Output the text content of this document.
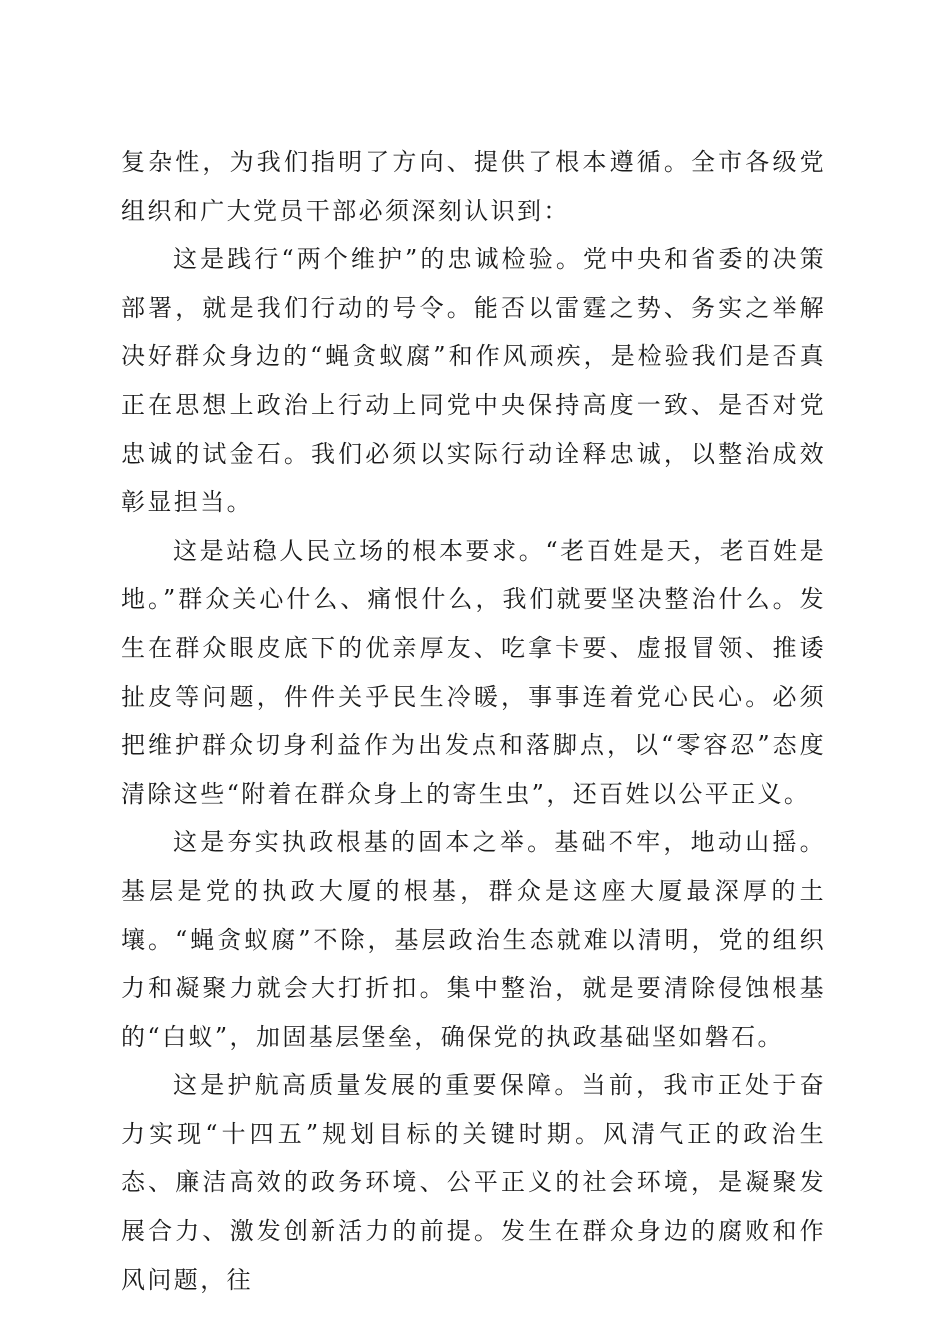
复杂性，为我们指明了方向、提供了根本遵循。全市各级党组织和广大党员干部必须深刻认识到：

这是践行“两个维护”的忠诚检验。党中央和省委的决策部署，就是我们行动的号令。能否以雷霆之势、务实之举解决好群众身边的“蝇贪蚁腐”和作风顽疾，是检验我们是否真正在思想上政治上行动上同党中央保持高度一致、是否对党忠诚的试金石。我们必须以实际行动诠释忠诚，以整治成效彰显担当。

这是站稳人民立场的根本要求。“老百姓是天，老百姓是地。”群众关心什么、痛恨什么，我们就要坚决整治什么。发生在群众眼皮底下的优亲厚友、吃拿卡要、虚报冒领、推诿扯皮等问题，件件关乎民生冷暖，事事连着党心民心。必须把维护群众切身利益作为出发点和落脚点，以“零容忍”态度清除这些“附着在群众身上的寄生虫”，还百姓以公平正义。

这是夯实执政根基的固本之举。基础不牢，地动山摇。基层是党的执政大厦的根基，群众是这座大厦最深厚的土壤。“蝇贪蚁腐”不除，基层政治生态就难以清明，党的组织力和凝聚力就会大打折扣。集中整治，就是要清除侵蚀根基的“白蚁”，加固基层堡垒，确保党的执政基础坚如磐石。

这是护航高质量发展的重要保障。当前，我市正处于奋力实现“十四五”规划目标的关键时期。风清气正的政治生态、廉洁高效的政务环境、公平正义的社会环境，是凝聚发展合力、激发创新活力的前提。发生在群众身边的腐败和作风问题，往
